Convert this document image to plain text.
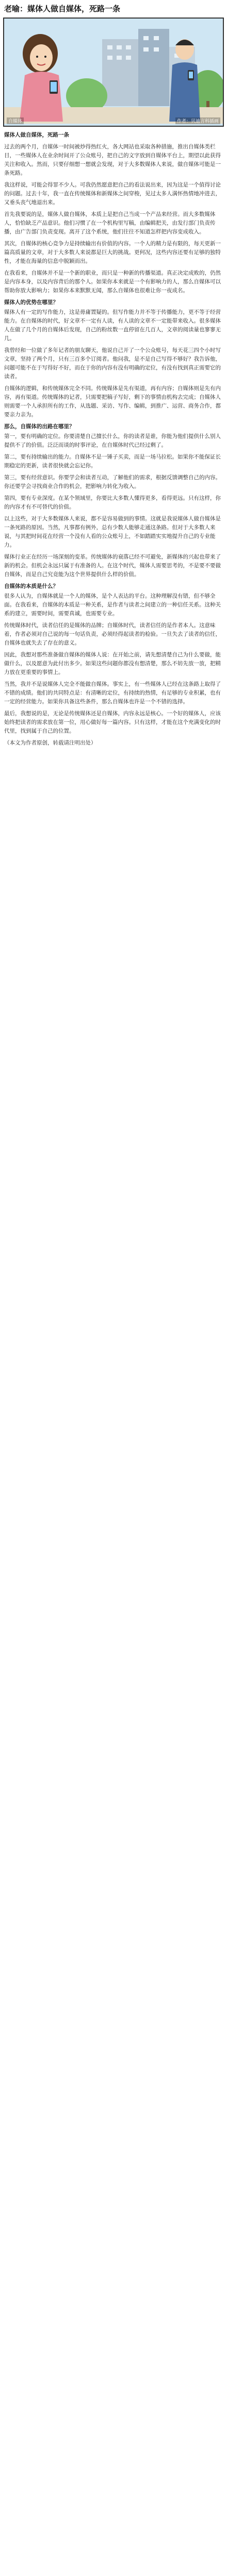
老喻：媒体人做自媒体，死路一条
自媒体	作者：贝迪言科插画

媒体人做自媒体，死路一条

过去的两个月，自媒体一时间被炒得热红火，各大网站也采取各种措施，推出自媒体类栏目，一些媒体人在业余时间开了公众账号，把自己的文字放到自媒体平台上，期望以此获得关注和收入。然而，只要仔细想一想就会发现，对于大多数媒体人来说，做自媒体可能是一条死路。

我这样说，可能会得罪不少人。可我仍然愿意把自己的看法说出来，因为这是一个值得讨论的问题。过去十年，我一直在传统媒体和新媒体之间穿梭，见过太多人满怀热情地冲进去，又垂头丧气地退出来。

首先我要说的是，媒体人做自媒体，本质上是把自己当成一个产品来经营。而大多数媒体人，恰恰缺乏产品意识。他们习惯了在一个机构里写稿，由编辑把关，由发行部门负责传播，由广告部门负责变现。离开了这个系统，他们往往不知道怎样把内容变成收入。

其次，自媒体的核心竞争力是持续输出有价值的内容。一个人的精力是有限的，每天更新一篇高质量的文章，对于大多数人来说都是巨大的挑战。更何况，这些内容还要有足够的独特性，才能在海量的信息中脱颖而出。

在我看来，自媒体并不是一个新的职业，而只是一种新的传播渠道。真正决定成败的，仍然是内容本身，以及内容背后的那个人。如果你本来就是一个有影响力的人，那么自媒体可以帮助你放大影响力；如果你本来默默无闻，那么自媒体也很难让你一夜成名。

媒体人的优势在哪里？

媒体人有一定的写作能力，这是毋庸置疑的。但写作能力并不等于传播能力，更不等于经营能力。在自媒体的时代，好文章不一定有人读，有人读的文章不一定能带来收入。很多媒体人在做了几个月的自媒体后发现，自己的粉丝数一直停留在几百人，文章的阅读量也寥寥无几。

我曾经和一位做了多年记者的朋友聊天，他说自己开了一个公众账号，每天花三四个小时写文章，坚持了两个月，只有三百多个订阅者。他问我，是不是自己写得不够好？我告诉他，问题可能不在于写得好不好，而在于你的内容有没有明确的定位，有没有找到真正需要它的读者。

自媒体的逻辑，和传统媒体完全不同。传统媒体是先有渠道，再有内容；自媒体则是先有内容，再有渠道。传统媒体的记者，只需要把稿子写好，剩下的事情由机构去完成；自媒体人则需要一个人承担所有的工作，从选题、采访、写作、编辑，到推广、运营、商务合作，都要亲力亲为。

那么，自媒体的出路在哪里？

第一，要有明确的定位。你要清楚自己擅长什么，你的读者是谁，你能为他们提供什么别人提供不了的价值。泛泛而谈的时事评论，在自媒体时代已经过剩了。

第二，要有持续输出的能力。自媒体不是一锤子买卖，而是一场马拉松。如果你不能保证长期稳定的更新，读者很快就会忘记你。

第三，要有经营意识。你要学会和读者互动，了解他们的需求，根据反馈调整自己的内容。你还要学会寻找商业合作的机会，把影响力转化为收入。

第四，要有专业深度。在某个领域里，你要比大多数人懂得更多，看得更远。只有这样，你的内容才有不可替代的价值。

以上这些，对于大多数媒体人来说，都不是容易做到的事情。这就是我说媒体人做自媒体是一条死路的原因。当然，凡事都有例外，总有少数人能够走通这条路。但对于大多数人来说，与其把时间花在经营一个没有人看的公众账号上，不如踏踏实实地提升自己的专业能力。

媒体行业正在经历一场深刻的变革。传统媒体的衰落已经不可避免，新媒体的兴起也带来了新的机会。但机会永远只属于有准备的人。在这个时代，媒体人需要思考的，不是要不要做自媒体，而是自己究竟能为这个世界提供什么样的价值。

自媒体的本质是什么？

很多人认为，自媒体就是一个人的媒体，是个人表达的平台。这种理解没有错，但不够全面。在我看来，自媒体的本质是一种关系，是作者与读者之间建立的一种信任关系。这种关系的建立，需要时间，需要真诚，也需要专业。

传统媒体时代，读者信任的是媒体的品牌；自媒体时代，读者信任的是作者本人。这意味着，作者必须对自己说的每一句话负责，必须经得起读者的检验。一旦失去了读者的信任，自媒体也就失去了存在的意义。

因此，我想对那些准备做自媒体的媒体人说：在开始之前，请先想清楚自己为什么要做，能做什么，以及愿意为此付出多少。如果这些问题你都没有想清楚，那么不妨先放一放，把精力放在更重要的事情上。

当然，我并不是说媒体人完全不能做自媒体。事实上，有一些媒体人已经在这条路上取得了不错的成绩。他们的共同特点是：有清晰的定位，有持续的热情，有足够的专业积累，也有一定的经营能力。如果你具备这些条件，那么自媒体也许是一个不错的选择。

最后，我想说的是，无论是传统媒体还是自媒体，内容永远是核心。一个好的媒体人，应该始终把读者的需求放在第一位，用心做好每一篇内容。只有这样，才能在这个充满变化的时代里，找到属于自己的位置。

（本文为作者原创，转载请注明出处）
